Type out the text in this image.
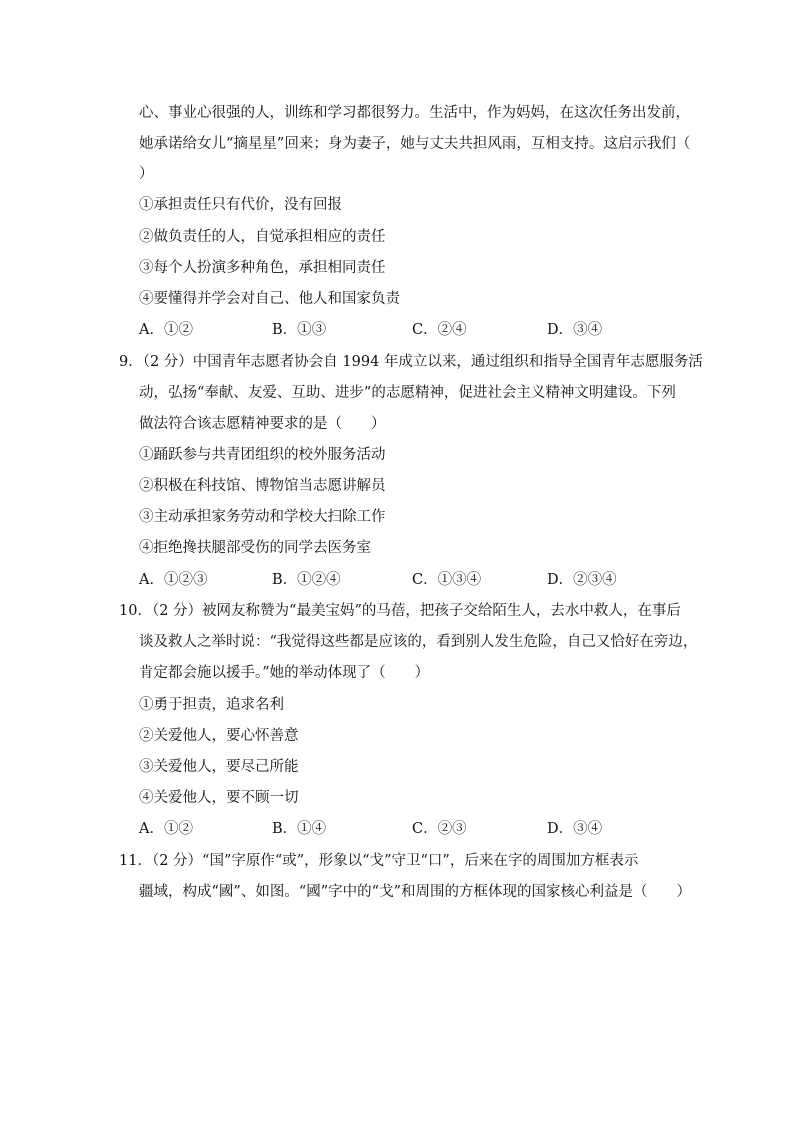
心、事业心很强的人，训练和学习都很努力。生活中，作为妈妈，在这次任务出发前，
她承诺给女儿“摘星星”回来；身为妻子，她与丈夫共担风雨，互相支持。这启示我们（
）
①承担责任只有代价，没有回报
②做负责任的人，自觉承担相应的责任
③每个人扮演多种角色，承担相同责任
④要懂得并学会对自己、他人和国家负责
A．①②	B．①③	C．②④	D．③④
9．（2 分）中国青年志愿者协会自 1994 年成立以来，通过组织和指导全国青年志愿服务活
动，弘扬“奉献、友爱、互助、进步”的志愿精神，促进社会主义精神文明建设。下列
做法符合该志愿精神要求的是（　　）
①踊跃参与共青团组织的校外服务活动
②积极在科技馆、博物馆当志愿讲解员
③主动承担家务劳动和学校大扫除工作
④拒绝搀扶腿部受伤的同学去医务室
A．①②③	B．①②④	C．①③④	D．②③④
10．（2 分）被网友称赞为“最美宝妈”的马蓓，把孩子交给陌生人，去水中救人，在事后
谈及救人之举时说：“我觉得这些都是应该的，看到别人发生危险，自己又恰好在旁边，
肯定都会施以援手。”她的举动体现了（　　）
①勇于担责，追求名利
②关爱他人，要心怀善意
③关爱他人，要尽己所能
④关爱他人，要不顾一切
A．①②	B．①④	C．②③	D．③④
11．（2 分）“国”字原作“或”，形象以“戈”守卫“口”，后来在字的周围加方框表示
疆域，构成“國”、如图。“國”字中的“戈”和周围的方框体现的国家核心利益是（　　）
